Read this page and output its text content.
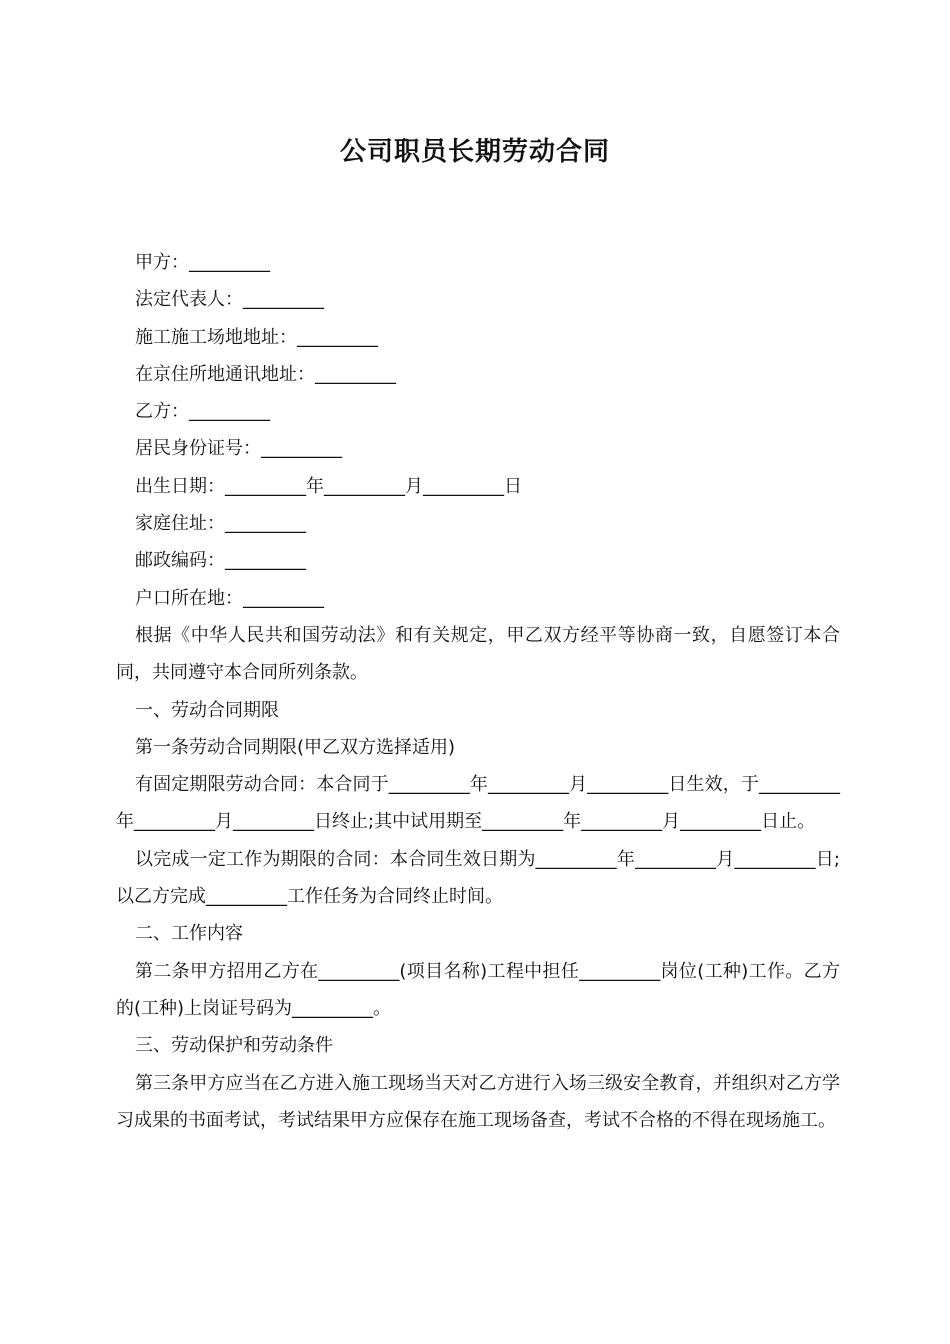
公司职员长期劳动合同
甲方：_________
法定代表人：_________
施工施工场地地址：_________
在京住所地通讯地址：_________
乙方：_________
居民身份证号：_________
出生日期：_________年_________月_________日
家庭住址：_________
邮政编码：_________
户口所在地：_________
根据《中华人民共和国劳动法》和有关规定，甲乙双方经平等协商一致，自愿签订本合同，共同遵守本合同所列条款。
一、劳动合同期限
第一条劳动合同期限(甲乙双方选择适用)
有固定期限劳动合同：本合同于_________年_________月_________日生效，于_________年_________月_________日终止;其中试用期至_________年_________月_________日止。
以完成一定工作为期限的合同：本合同生效日期为_________年_________月_________日;以乙方完成_________工作任务为合同终止时间。
二、工作内容
第二条甲方招用乙方在_________(项目名称)工程中担任_________岗位(工种)工作。乙方的(工种)上岗证号码为_________。
三、劳动保护和劳动条件
第三条甲方应当在乙方进入施工现场当天对乙方进行入场三级安全教育，并组织对乙方学习成果的书面考试，考试结果甲方应保存在施工现场备查，考试不合格的不得在现场施工。
